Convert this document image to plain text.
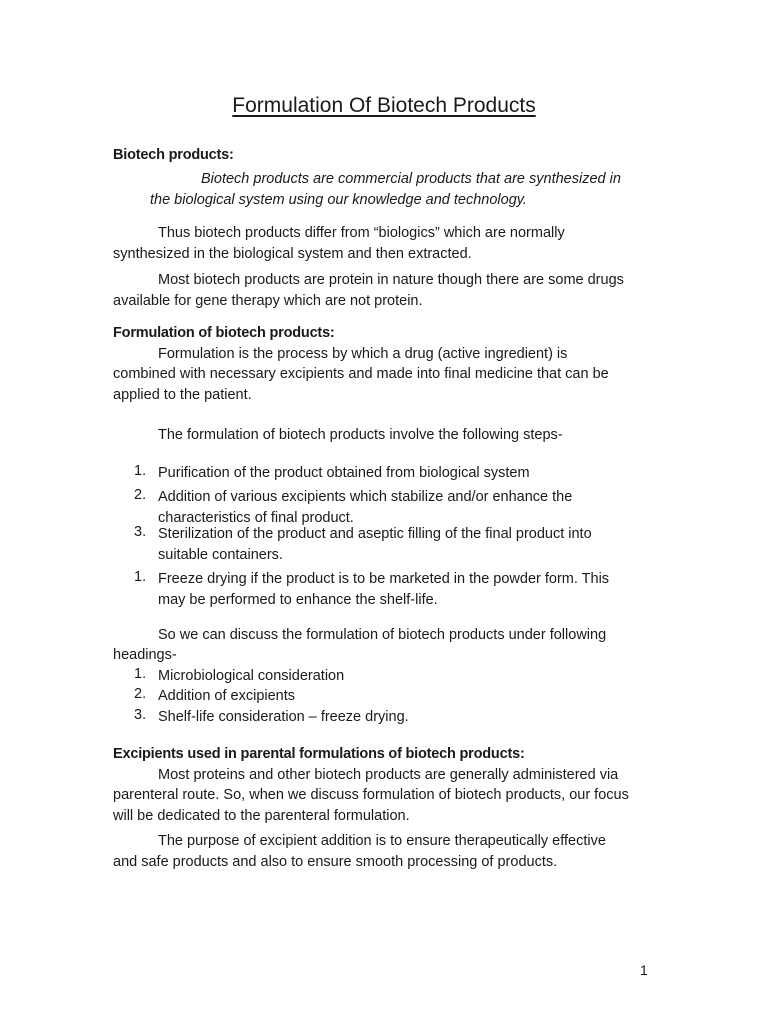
Formulation Of Biotech Products
Biotech products:
Biotech products are commercial products that are synthesized in
the biological system using our knowledge and technology.
Thus biotech products differ from “biologics” which are normally
synthesized in the biological system and then extracted.
Most biotech products are protein in nature though there are some drugs
available for gene therapy which are not protein.
Formulation of biotech products:
Formulation is the process by which a drug (active ingredient) is
combined with necessary excipients and made into final medicine that can be
applied to the patient.
The formulation of biotech products involve the following steps-
1. Purification of the product obtained from biological system
2. Addition of various excipients which stabilize and/or enhance the
characteristics of final product.
3. Sterilization of the product and aseptic filling of the final product into
suitable containers.
1. Freeze drying if the product is to be marketed in the powder form. This
may be performed to enhance the shelf-life.
So we can discuss the formulation of biotech products under following
headings-
1. Microbiological consideration
2. Addition of excipients
3. Shelf-life consideration – freeze drying.
Excipients used in parental formulations of biotech products:
Most proteins and other biotech products are generally administered via
parenteral route. So, when we discuss formulation of biotech products, our focus
will be dedicated to the parenteral formulation.
The purpose of excipient addition is to ensure therapeutically effective
and safe products and also to ensure smooth processing of products.
1
